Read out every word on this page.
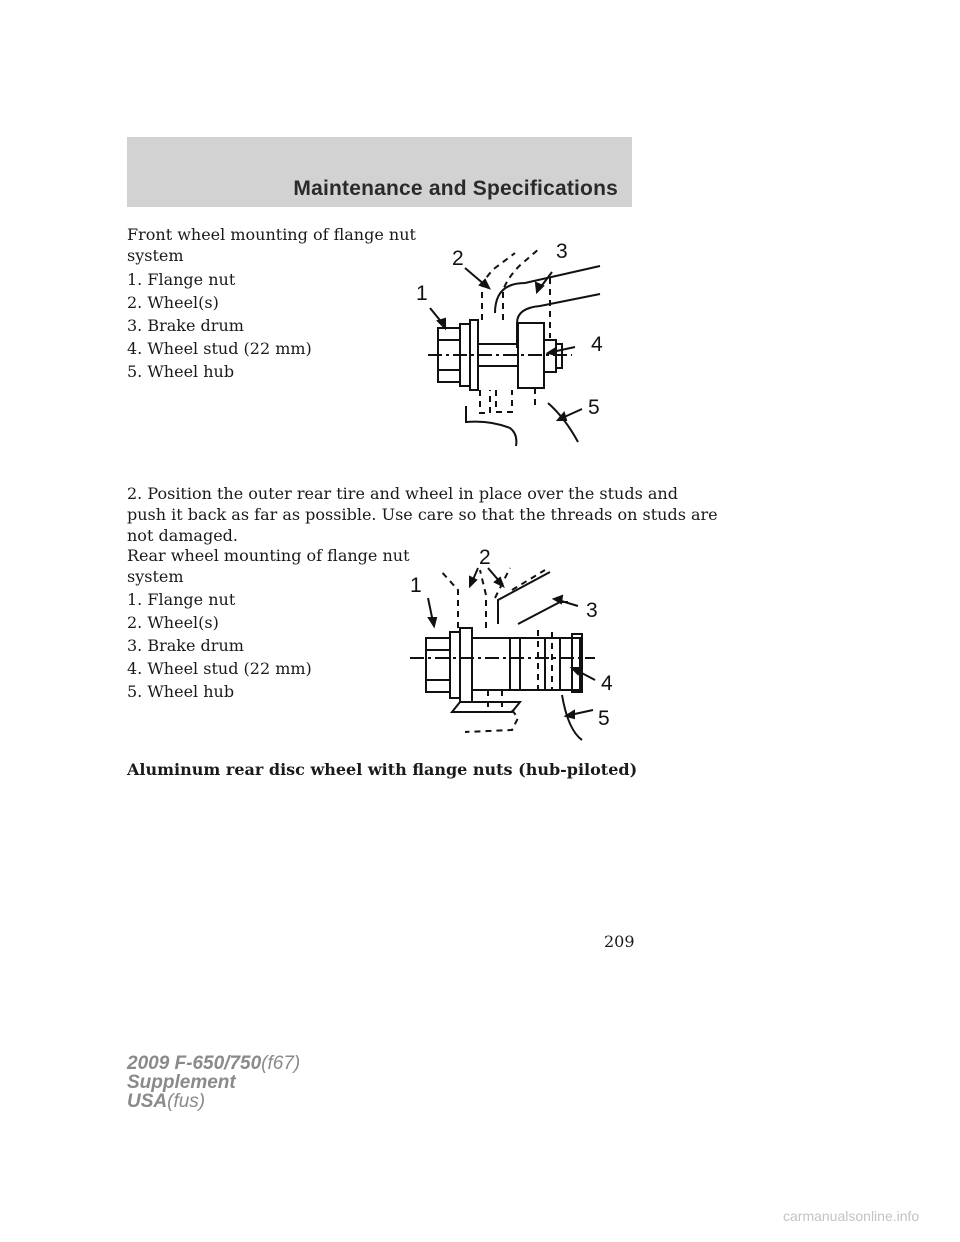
Maintenance and Specifications
Front wheel mounting of flange nut
system
1. Flange nut
2. Wheel(s)
3. Brake drum
4. Wheel stud (22 mm)
5. Wheel hub
1
2	3
4
5
2. Position the outer rear tire and wheel in place over the studs and
push it back as far as possible. Use care so that the threads on studs are
not damaged.
Rear wheel mounting of flange nut
system
1. Flange nut
2. Wheel(s)
3. Brake drum
4. Wheel stud (22 mm)
5. Wheel hub
1
2
3
4
5
Aluminum rear disc wheel with flange nuts (hub-piloted)
209
2009 F-650/750(f67)
Supplement
USA(fus)
carmanualsonline.info
